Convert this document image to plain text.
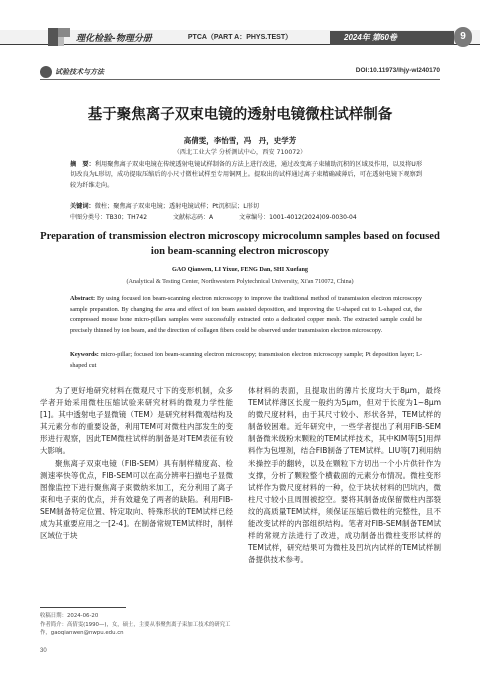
理化检验-物理分册	PTCA（PART A：PHYS.TEST）	2024年 第60卷	9
试验技术与方法	DOI:10.11973/lhjy-wl240170
基于聚焦离子双束电镜的透射电镜微柱试样制备
高倩雯，李怡雪，冯　丹，史学芳
（西北工业大学 分析测试中心，西安 710072）
摘　要：利用聚焦离子双束电镜在传统透射电镜试样制备的方法上进行改进，通过改变离子束辅助沉积的区域及作用，以及将U形切改良为L形切，成功提取压缩后的小尺寸微柱试样至专用铜网上。提取出的试样通过离子束精确减薄后，可在透射电镜下观察到较为纤维走向。
关键词：微柱；聚焦离子双束电镜；透射电镜试样；Pt沉积层；L形切
中图分类号：TB30；TH742	文献标志码：A	文章编号：1001-4012(2024)09-0030-04
Preparation of transmission electron microscopy microcolumn samples based on focused ion beam-scanning electron microscopy
GAO Qianwen, LI Yixue, FENG Dan, SHI Xuefang
(Analytical & Testing Center, Northwestern Polytechnical University, Xi'an 710072, China)
Abstract: By using focused ion beam-scanning electron microscopy to improve the traditional method of transmission electron microscopy sample preparation. By changing the area and effect of ion beam assisted deposition, and improving the U-shaped cut to L-shaped cut, the compressed mouse bone micro-pillars samples were successfully extracted onto a dedicated copper mesh. The extracted sample could be precisely thinned by ion beam, and the direction of collagen fibers could be observed under transmission electron microscopy.
Keywords: micro-pillar; focused ion beam-scanning electron microscopy; transmission electron microscopy sample; Pt deposition layer; L-shaped cut

为了更好地研究材料在微观尺寸下的变形机制，众多学者开始采用微柱压缩试验来研究材料的微观力学性能[1]。其中透射电子显微镜（TEM）是研究材料微观结构及其元素分布的重要设备，利用TEM可对微柱内部发生的变形进行观察，因此TEM微柱试样的制备是对TEM表征有较大影响。

聚焦离子双束电镜（FIB-SEM）具有制样精度高、检测速率快等优点，FIB-SEM可以在高分辨率扫描电子显微图像监控下进行聚焦离子束微纳米加工，充分利用了离子束和电子束的优点，并有效避免了两者的缺陷。利用FIB-SEM制备特定位置、特定取向、特殊形状的TEM试样已经成为其重要应用之一[2-4]。在制备常规TEM试样时，制样区域位于块

体材料的表面，且提取出的薄片长度均大于8μm，最终TEM试样薄区长度一般约为5μm，但对于长度为1~8μm的微尺度材料，由于其尺寸较小、形状各异，TEM试样的制备较困难。近年研究中，一些学者提出了利用FIB-SEM制备微米级粉末颗粒的TEM试样技术，其中KIM等[5]用焊料作为包埋剂，结合FIB制备了TEM试样。LIU等[7]利用纳米操控手的翻转，以及在颗粒下方切出一个小片供针作为支撑，分析了颗粒整个横截面的元素分布情况。微柱变形试样作为微尺度材料的一种，位于块状材料的凹坑内，微柱尺寸较小且周围被挖空。要将其制备成保留微柱内部裂纹的高质量TEM试样，须保证压缩后微柱的完整性，且不能改变试样的内部组织结构。笔者对FIB-SEM制备TEM试样的常规方法进行了改进，成功制备出微柱变形试样的TEM试样，研究结果可为微柱及凹坑内试样的TEM试样制备提供技术参考。

收稿日期：2024-06-20
作者简介：高倩雯(1990—)，女，硕士，主要从事聚焦离子束加工技术的研究工作，gaoqianwen@nwpu.edu.cn
30
